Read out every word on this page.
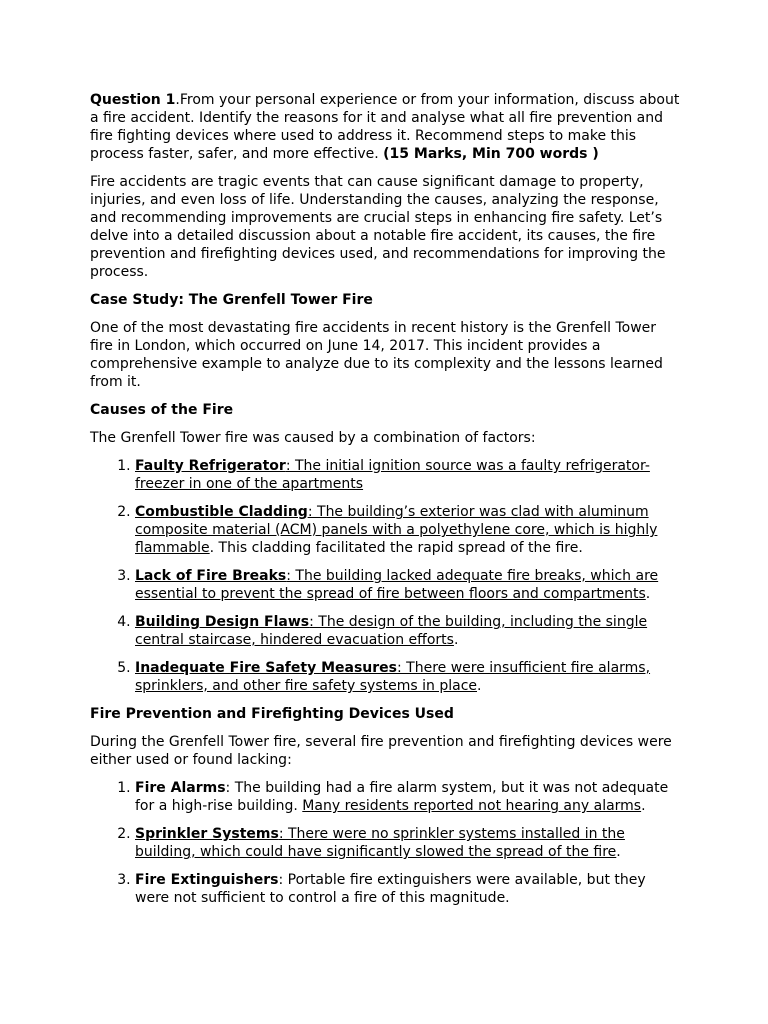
Question 1.From your personal experience or from your information, discuss about a fire accident. Identify the reasons for it and analyse what all fire prevention and fire fighting devices where used to address it. Recommend steps to make this process faster, safer, and more effective. (15 Marks, Min 700 words )

Fire accidents are tragic events that can cause significant damage to property, injuries, and even loss of life. Understanding the causes, analyzing the response, and recommending improvements are crucial steps in enhancing fire safety. Let’s delve into a detailed discussion about a notable fire accident, its causes, the fire prevention and firefighting devices used, and recommendations for improving the process.

Case Study: The Grenfell Tower Fire

One of the most devastating fire accidents in recent history is the Grenfell Tower fire in London, which occurred on June 14, 2017. This incident provides a comprehensive example to analyze due to its complexity and the lessons learned from it.

Causes of the Fire

The Grenfell Tower fire was caused by a combination of factors:

1. Faulty Refrigerator: The initial ignition source was a faulty refrigerator-freezer in one of the apartments
2. Combustible Cladding: The building’s exterior was clad with aluminum composite material (ACM) panels with a polyethylene core, which is highly flammable. This cladding facilitated the rapid spread of the fire.
3. Lack of Fire Breaks: The building lacked adequate fire breaks, which are essential to prevent the spread of fire between floors and compartments.
4. Building Design Flaws: The design of the building, including the single central staircase, hindered evacuation efforts.
5. Inadequate Fire Safety Measures: There were insufficient fire alarms, sprinklers, and other fire safety systems in place.

Fire Prevention and Firefighting Devices Used

During the Grenfell Tower fire, several fire prevention and firefighting devices were either used or found lacking:

1. Fire Alarms: The building had a fire alarm system, but it was not adequate for a high-rise building. Many residents reported not hearing any alarms.
2. Sprinkler Systems: There were no sprinkler systems installed in the building, which could have significantly slowed the spread of the fire.
3. Fire Extinguishers: Portable fire extinguishers were available, but they were not sufficient to control a fire of this magnitude.
